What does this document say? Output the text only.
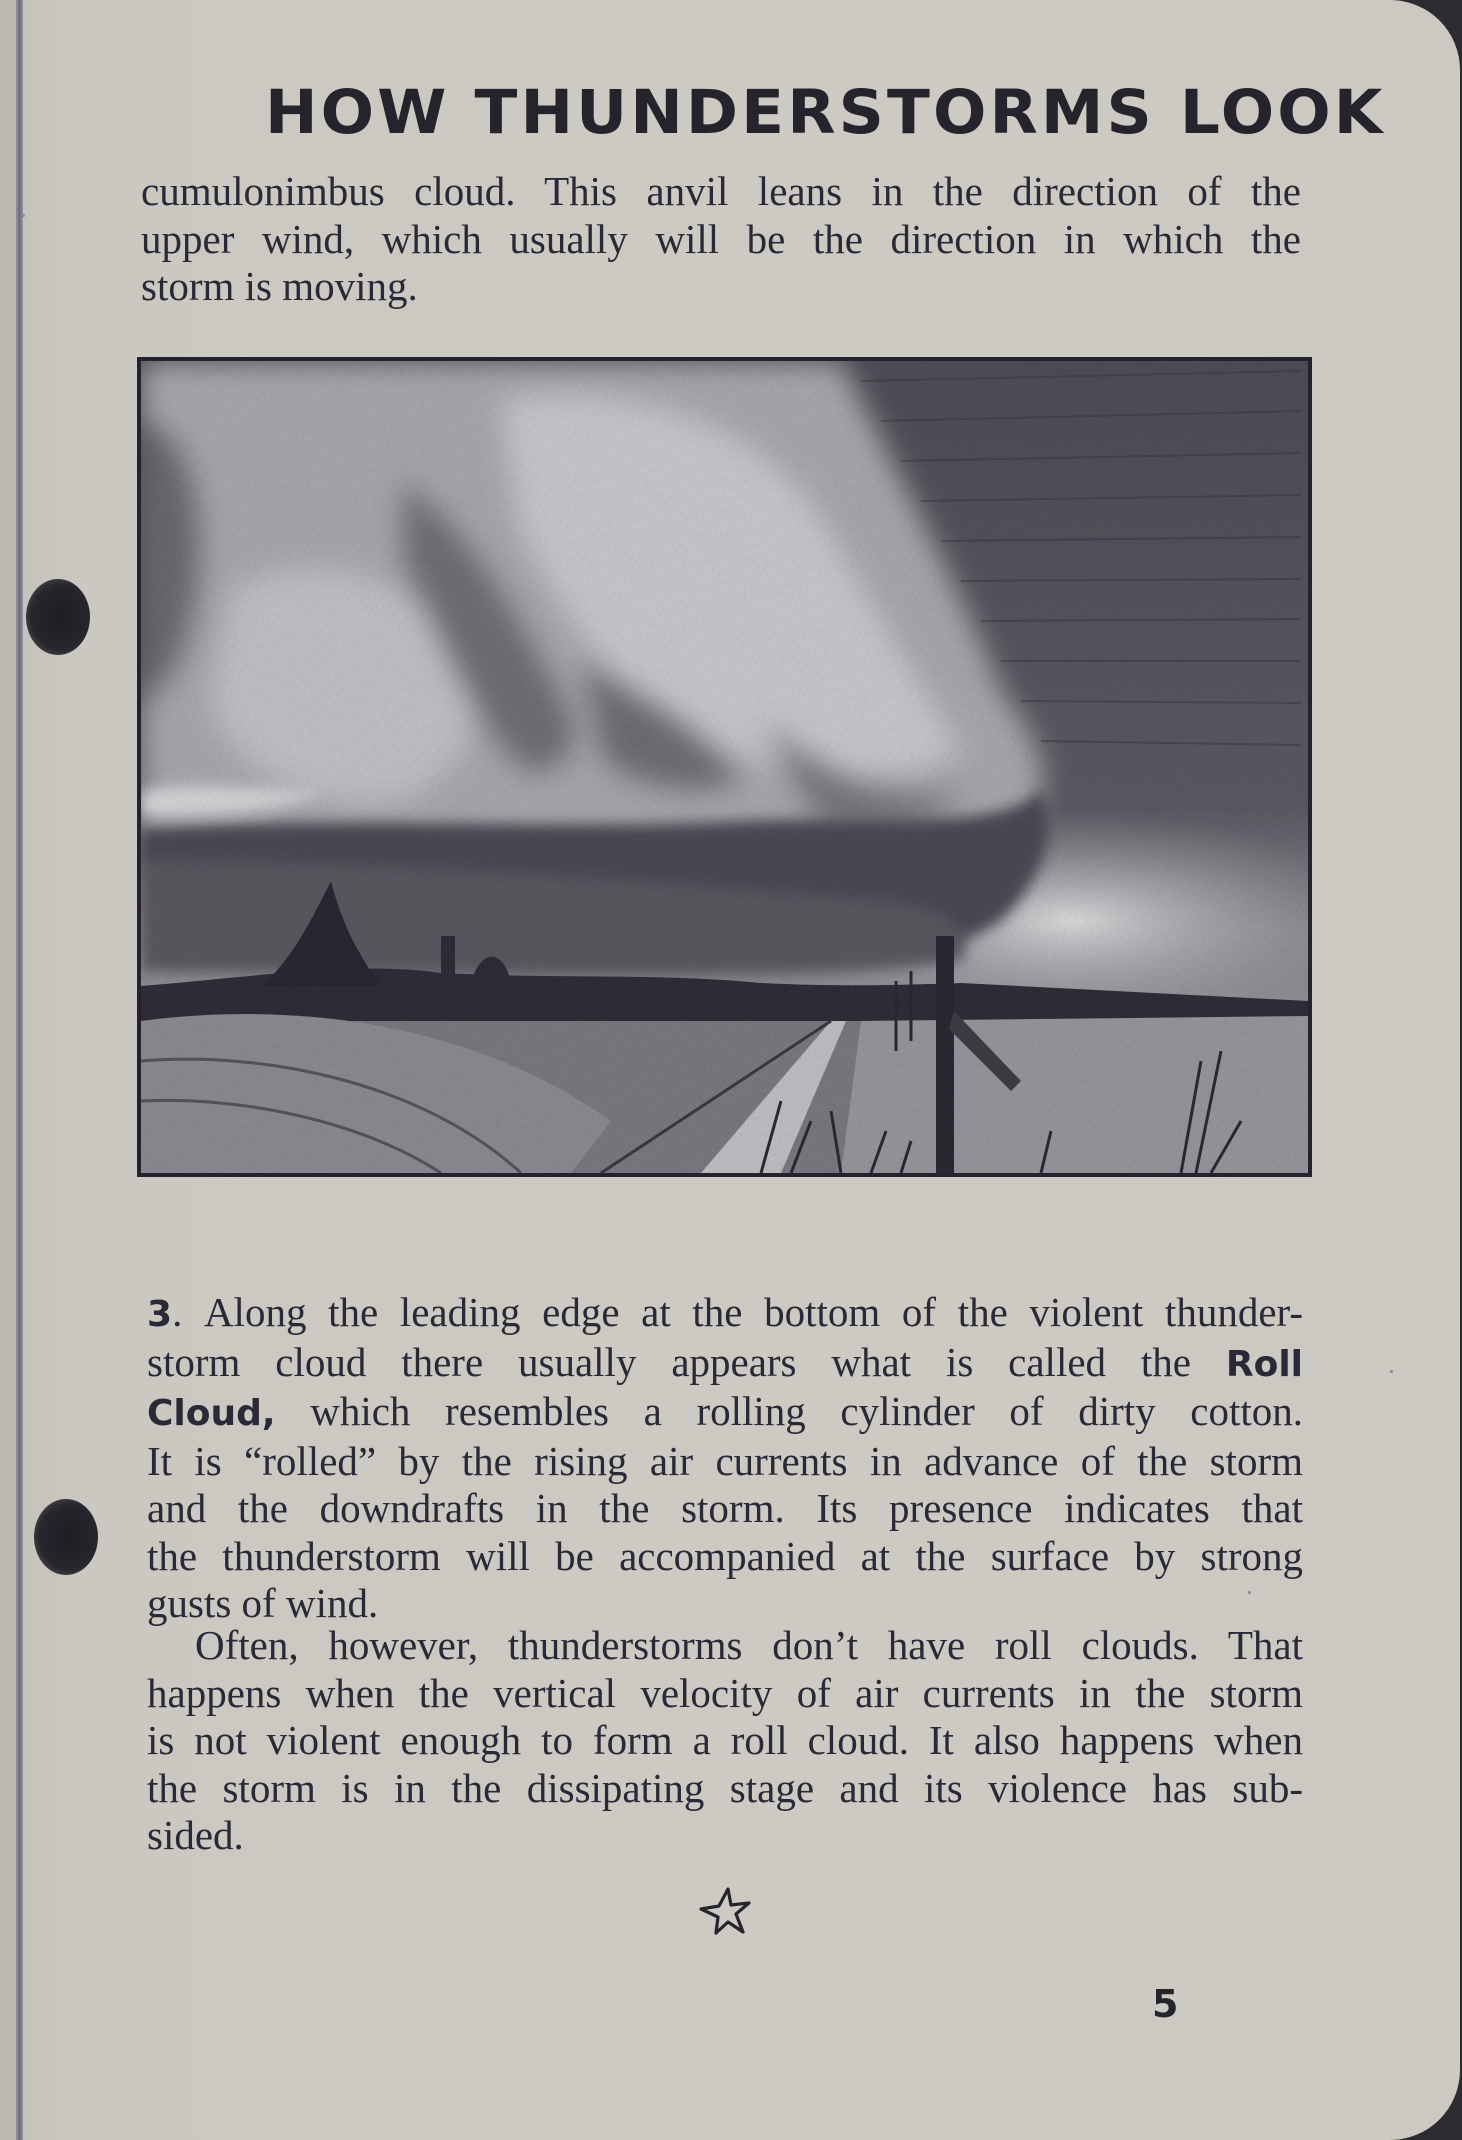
HOW THUNDERSTORMS LOOK
cumulonimbus cloud. This anvil leans in the direction of the
upper wind, which usually will be the direction in which the
storm is moving.
3. Along the leading edge at the bottom of the violent thunder-
storm cloud there usually appears what is called the Roll
Cloud, which resembles a rolling cylinder of dirty cotton.
It is “rolled” by the rising air currents in advance of the storm
and the downdrafts in the storm. Its presence indicates that
the thunderstorm will be accompanied at the surface by strong
gusts of wind.
Often, however, thunderstorms don’t have roll clouds. That
happens when the vertical velocity of air currents in the storm
is not violent enough to form a roll cloud. It also happens when
the storm is in the dissipating stage and its violence has sub-
sided.
5
